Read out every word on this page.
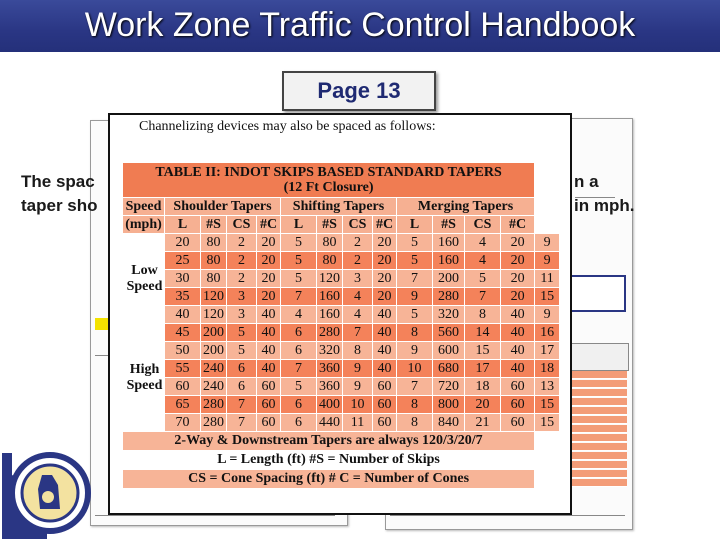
Work Zone Traffic Control Handbook
Page 13
The spac
taper sho
n a
in mph.
Channelizing devices may also be spaced as follows:
TABLE II: INDOT SKIPS BASED STANDARD TAPERS
(12 Ft Closure)													

Speed	Shoulder Tapers				Shifting Tapers				Merging Tapers				
(mph)	L	#S	CS	#C	L	#S	CS	#C	L	#S	CS	#C	
Low Speed	20	80	2	20	5	80	2	20	5	160	4	20	9
	25	80	2	20	5	80	2	20	5	160	4	20	9
	30	80	2	20	5	120	3	20	7	200	5	20	11
	35	120	3	20	7	160	4	20	9	280	7	20	15
	40	120	3	40	4	160	4	40	5	320	8	40	9
High Speed	45	200	5	40	6	280	7	40	8	560	14	40	16
	50	200	5	40	6	320	8	40	9	600	15	40	17
	55	240	6	40	7	360	9	40	10	680	17	40	18
	60	240	6	60	5	360	9	60	7	720	18	60	13
	65	280	7	60	6	400	10	60	8	800	20	60	15
	70	280	7	60	6	440	11	60	8	840	21	60	15
2-Way & Downstream Tapers are always 120/3/20/7													
L = Length (ft) #S = Number of Skips													
CS = Cone Spacing (ft) # C = Number of Cones													
